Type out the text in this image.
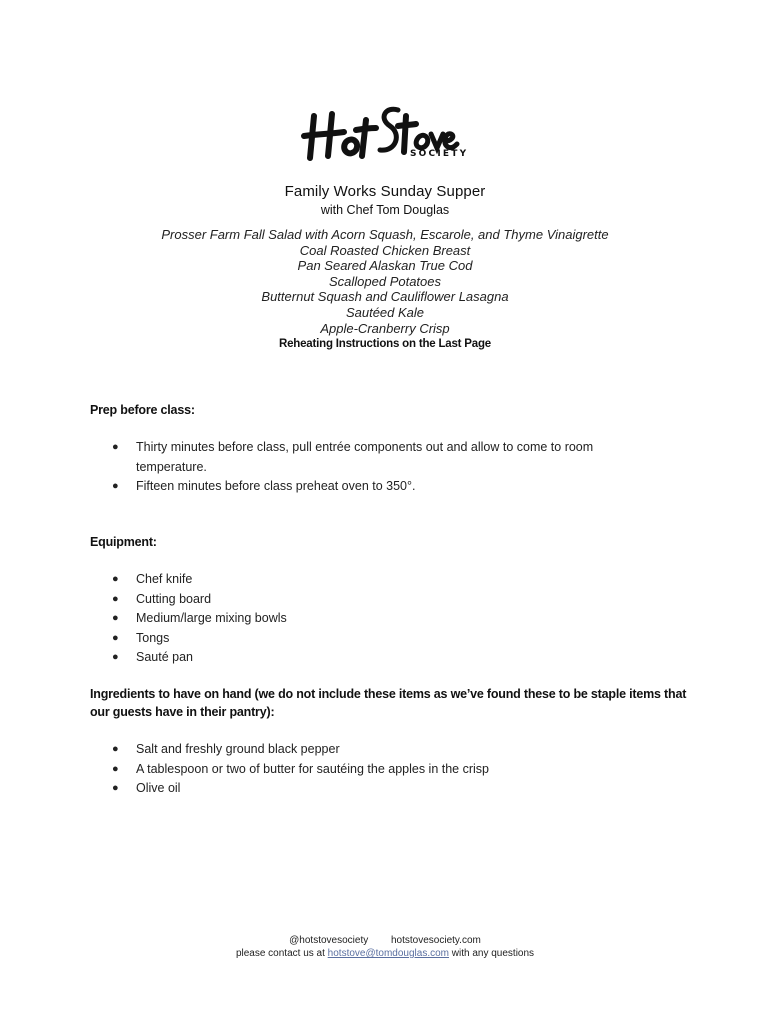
SOCIETY
Family Works Sunday Supper
with Chef Tom Douglas
Prosser Farm Fall Salad with Acorn Squash, Escarole, and Thyme Vinaigrette
Coal Roasted Chicken Breast
Pan Seared Alaskan True Cod
Scalloped Potatoes
Butternut Squash and Cauliflower Lasagna
Sautéed Kale
Apple-Cranberry Crisp
Reheating Instructions on the Last Page
Prep before class:
● Thirty minutes before class, pull entrée components out and allow to come to room temperature.
● Fifteen minutes before class preheat oven to 350°.
Equipment:
● Chef knife
● Cutting board
● Medium/large mixing bowls
● Tongs
● Sauté pan
Ingredients to have on hand (we do not include these items as we’ve found these to be staple items that our guests have in their pantry):
● Salt and freshly ground black pepper
● A tablespoon or two of butter for sautéing the apples in the crisp
● Olive oil
@hotstovesociety hotstovesociety.com
please contact us at hotstove@tomdouglas.com with any questions
